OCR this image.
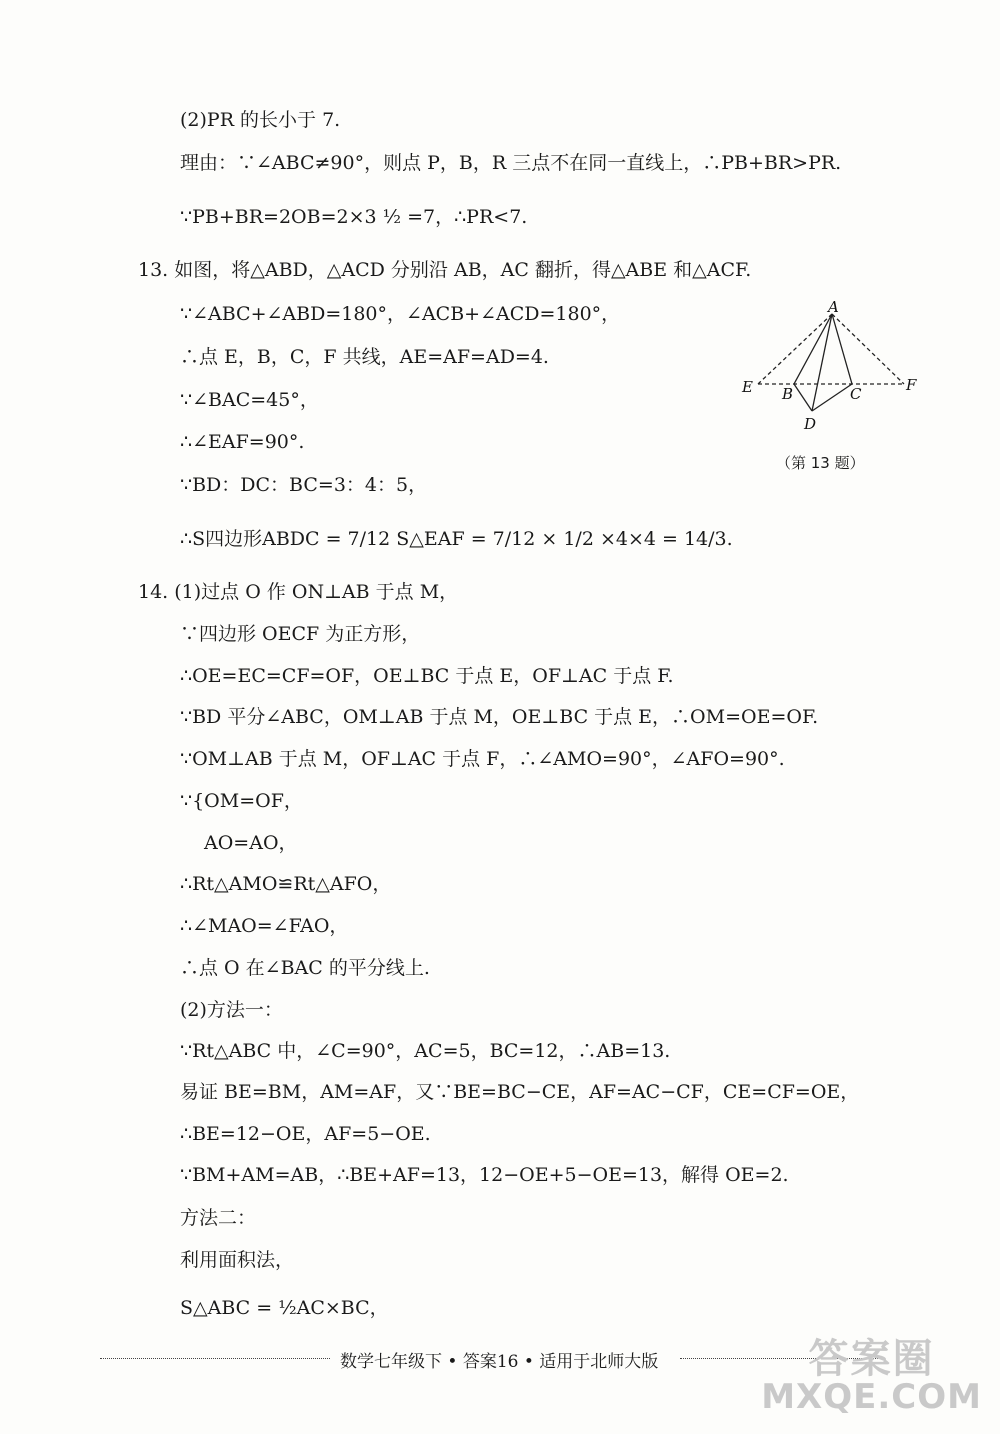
(2)PR 的长小于 7.
理由：∵∠ABC≠90°，则点 P，B，R 三点不在同一直线上，∴PB+BR>PR.
∵PB+BR=2OB=2×3 ½ =7，∴PR<7.
13. 如图，将△ABD，△ACD 分别沿 AB，AC 翻折，得△ABE 和△ACF.
∵∠ABC+∠ABD=180°，∠ACB+∠ACD=180°，
∴点 E，B，C，F 共线，AE=AF=AD=4.
∵∠BAC=45°，
∴∠EAF=90°.
∵BD：DC：BC=3：4：5，
∴S四边形ABDC = 7/12 S△EAF = 7/12 × 1/2 ×4×4 = 14/3.
14. (1)过点 O 作 ON⊥AB 于点 M，
∵四边形 OECF 为正方形，
∴OE=EC=CF=OF，OE⊥BC 于点 E，OF⊥AC 于点 F.
∵BD 平分∠ABC，OM⊥AB 于点 M，OE⊥BC 于点 E，∴OM=OE=OF.
∵OM⊥AB 于点 M，OF⊥AC 于点 F，∴∠AMO=90°，∠AFO=90°.
∵{OM=OF，
AO=AO，
∴Rt△AMO≌Rt△AFO，
∴∠MAO=∠FAO，
∴点 O 在∠BAC 的平分线上.
(2)方法一：
∵Rt△ABC 中，∠C=90°，AC=5，BC=12，∴AB=13.
易证 BE=BM，AM=AF，又∵BE=BC−CE，AF=AC−CF，CE=CF=OE，
∴BE=12−OE，AF=5−OE.
∵BM+AM=AB，∴BE+AF=13，12−OE+5−OE=13，解得 OE=2.
方法二：
利用面积法，
S△ABC = ½AC×BC，
A
E B	C	F
D
（第 13 题）
数学七年级下 • 答案16 • 适用于北师大版	答案圈
MXQE.COM
